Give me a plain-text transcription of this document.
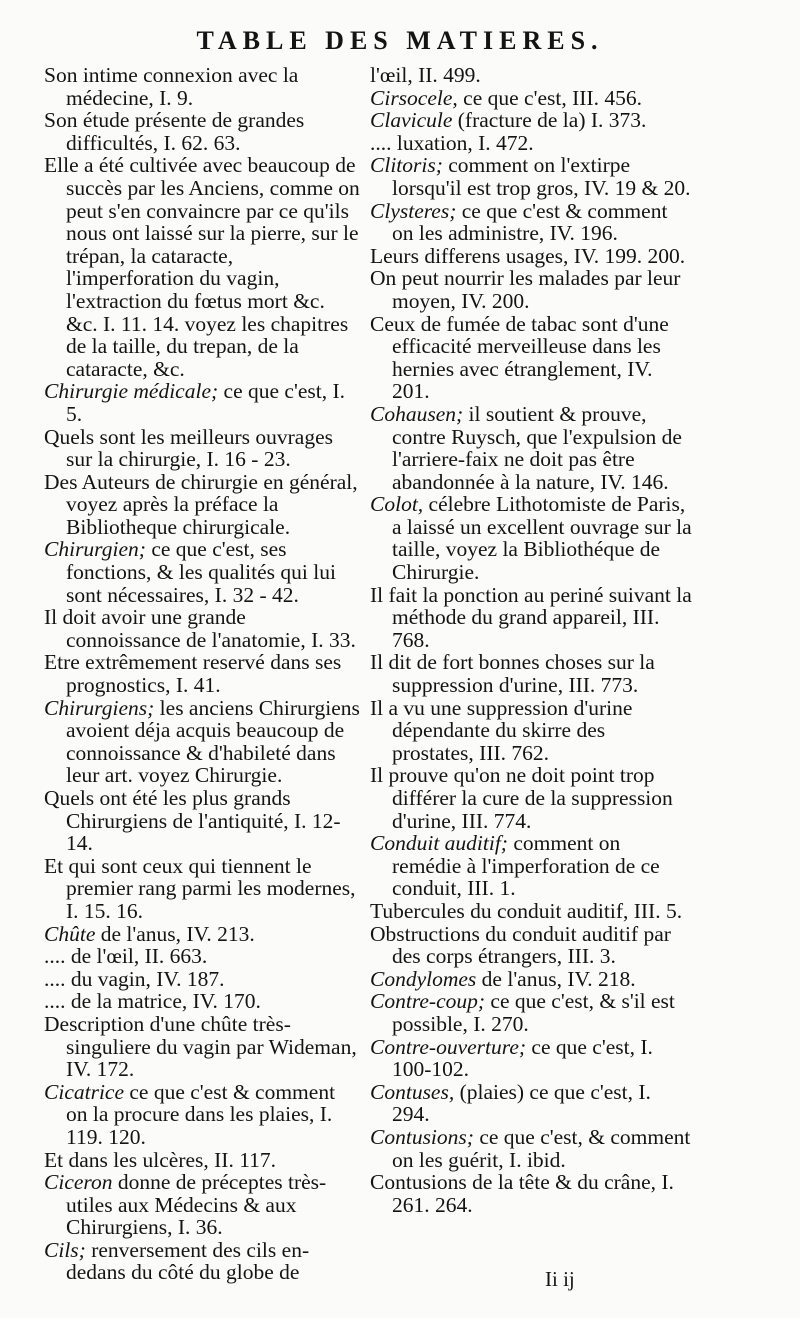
TABLE DES MATIERES.

Son intime connexion avec la médecine, I. 9.

Son étude présente de grandes difficultés, I. 62. 63.

Elle a été cultivée avec beaucoup de succès par les Anciens, comme on peut s'en convaincre par ce qu'ils nous ont laissé sur la pierre, sur le trépan, la cataracte, l'imperforation du vagin, l'extraction du fœtus mort &c. &c. I. 11. 14. voyez les chapitres de la taille, du trepan, de la cataracte, &c.

Chirurgie médicale; ce que c'est, I. 5.

Quels sont les meilleurs ouvrages sur la chirurgie, I. 16 - 23.

Des Auteurs de chirurgie en général, voyez après la préface la Bibliotheque chirurgicale.

Chirurgien; ce que c'est, ses fonctions, & les qualités qui lui sont nécessaires, I. 32 - 42.

Il doit avoir une grande connoissance de l'anatomie, I. 33.

Etre extrêmement reservé dans ses prognostics, I. 41.

Chirurgiens; les anciens Chirurgiens avoient déja acquis beaucoup de connoissance & d'habileté dans leur art. voyez Chirurgie.

Quels ont été les plus grands Chirurgiens de l'antiquité, I. 12-14.

Et qui sont ceux qui tiennent le premier rang parmi les modernes, I. 15. 16.

Chûte de l'anus, IV. 213.

.... de l'œil, II. 663.

.... du vagin, IV. 187.

.... de la matrice, IV. 170.

Description d'une chûte très-singuliere du vagin par Wideman, IV. 172.

Cicatrice ce que c'est & comment on la procure dans les plaies, I. 119. 120.

Et dans les ulcères, II. 117.

Ciceron donne de préceptes très-utiles aux Médecins & aux Chirurgiens, I. 36.

Cils; renversement des cils en-dedans du côté du globe de

l'œil, II. 499.

Cirsocele, ce que c'est, III. 456.

Clavicule (fracture de la) I. 373.

.... luxation, I. 472.

Clitoris; comment on l'extirpe lorsqu'il est trop gros, IV. 19 & 20.

Clysteres; ce que c'est & comment on les administre, IV. 196.

Leurs differens usages, IV. 199. 200.

On peut nourrir les malades par leur moyen, IV. 200.

Ceux de fumée de tabac sont d'une efficacité merveilleuse dans les hernies avec étranglement, IV. 201.

Cohausen; il soutient & prouve, contre Ruysch, que l'expulsion de l'arriere-faix ne doit pas être abandonnée à la nature, IV. 146.

Colot, célebre Lithotomiste de Paris, a laissé un excellent ouvrage sur la taille, voyez la Bibliothéque de Chirurgie.

Il fait la ponction au periné suivant la méthode du grand appareil, III. 768.

Il dit de fort bonnes choses sur la suppression d'urine, III. 773.

Il a vu une suppression d'urine dépendante du skirre des prostates, III. 762.

Il prouve qu'on ne doit point trop différer la cure de la suppression d'urine, III. 774.

Conduit auditif; comment on remédie à l'imperforation de ce conduit, III. 1.

Tubercules du conduit auditif, III. 5.

Obstructions du conduit auditif par des corps étrangers, III. 3.

Condylomes de l'anus, IV. 218.

Contre-coup; ce que c'est, & s'il est possible, I. 270.

Contre-ouverture; ce que c'est, I. 100-102.

Contuses, (plaies) ce que c'est, I. 294.

Contusions; ce que c'est, & comment on les guérit, I. ibid.

Contusions de la tête & du crâne, I. 261. 264.

Ii ij
